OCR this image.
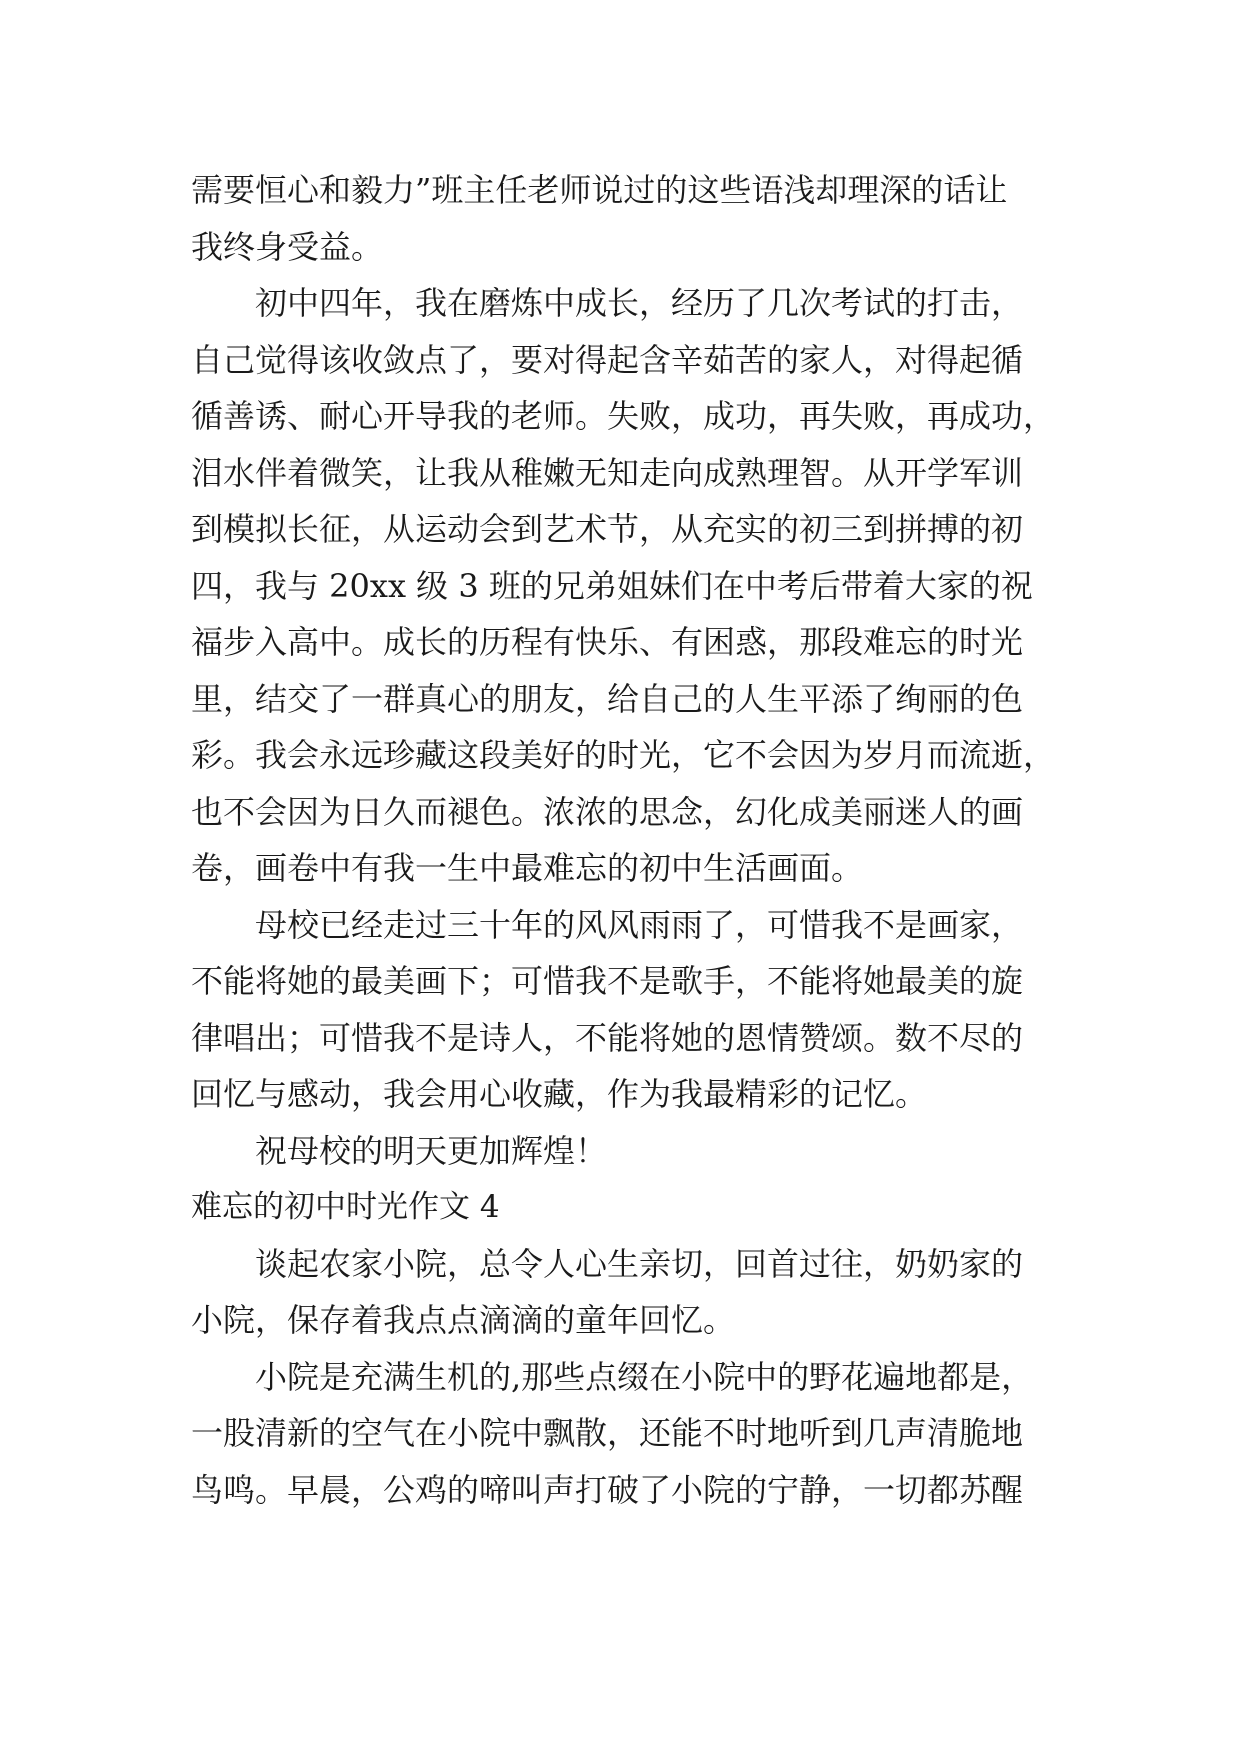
需要恒心和毅力”班主任老师说过的这些语浅却理深的话让
我终身受益。
初中四年，我在磨炼中成长，经历了几次考试的打击，
自己觉得该收敛点了，要对得起含辛茹苦的家人，对得起循
循善诱、耐心开导我的老师。失败，成功，再失败，再成功，
泪水伴着微笑，让我从稚嫩无知走向成熟理智。从开学军训
到模拟长征，从运动会到艺术节，从充实的初三到拼搏的初
四，我与 20xx 级 3 班的兄弟姐妹们在中考后带着大家的祝
福步入高中。成长的历程有快乐、有困惑，那段难忘的时光
里，结交了一群真心的朋友，给自己的人生平添了绚丽的色
彩。我会永远珍藏这段美好的时光，它不会因为岁月而流逝，
也不会因为日久而褪色。浓浓的思念，幻化成美丽迷人的画
卷，画卷中有我一生中最难忘的初中生活画面。
母校已经走过三十年的风风雨雨了，可惜我不是画家，
不能将她的最美画下；可惜我不是歌手，不能将她最美的旋
律唱出；可惜我不是诗人，不能将她的恩情赞颂。数不尽的
回忆与感动，我会用心收藏，作为我最精彩的记忆。
祝母校的明天更加辉煌！
难忘的初中时光作文 4
谈起农家小院，总令人心生亲切，回首过往，奶奶家的
小院，保存着我点点滴滴的童年回忆。
小院是充满生机的,那些点缀在小院中的野花遍地都是，
一股清新的空气在小院中飘散，还能不时地听到几声清脆地
鸟鸣。早晨，公鸡的啼叫声打破了小院的宁静，一切都苏醒
